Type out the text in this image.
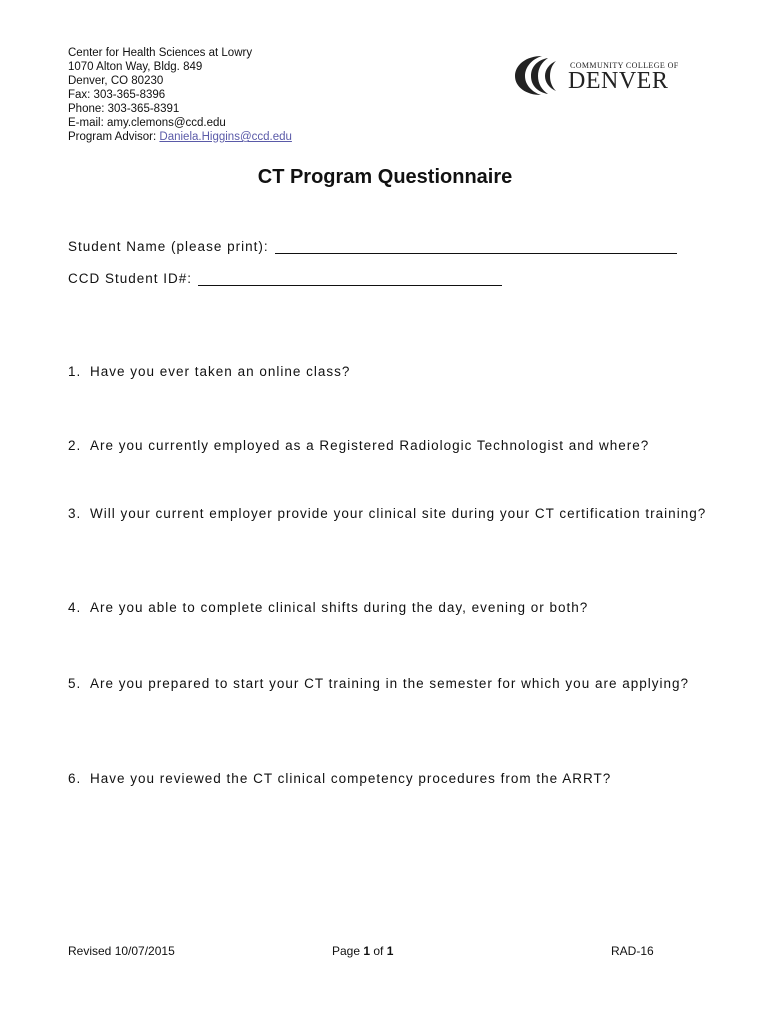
Center for Health Sciences at Lowry
1070 Alton Way, Bldg. 849
Denver, CO 80230
Fax: 303-365-8396
Phone: 303-365-8391
E-mail: amy.clemons@ccd.edu
Program Advisor: Daniela.Higgins@ccd.edu
COMMUNITY COLLEGE OF
DENVER
CT Program Questionnaire
Student Name (please print):
CCD Student ID#:
1. Have you ever taken an online class?
2. Are you currently employed as a Registered Radiologic Technologist and where?
3. Will your current employer provide your clinical site during your CT certification training?
4. Are you able to complete clinical shifts during the day, evening or both?
5. Are you prepared to start your CT training in the semester for which you are applying?
6. Have you reviewed the CT clinical competency procedures from the ARRT?
Revised 10/07/2015	Page 1 of 1	RAD-16
